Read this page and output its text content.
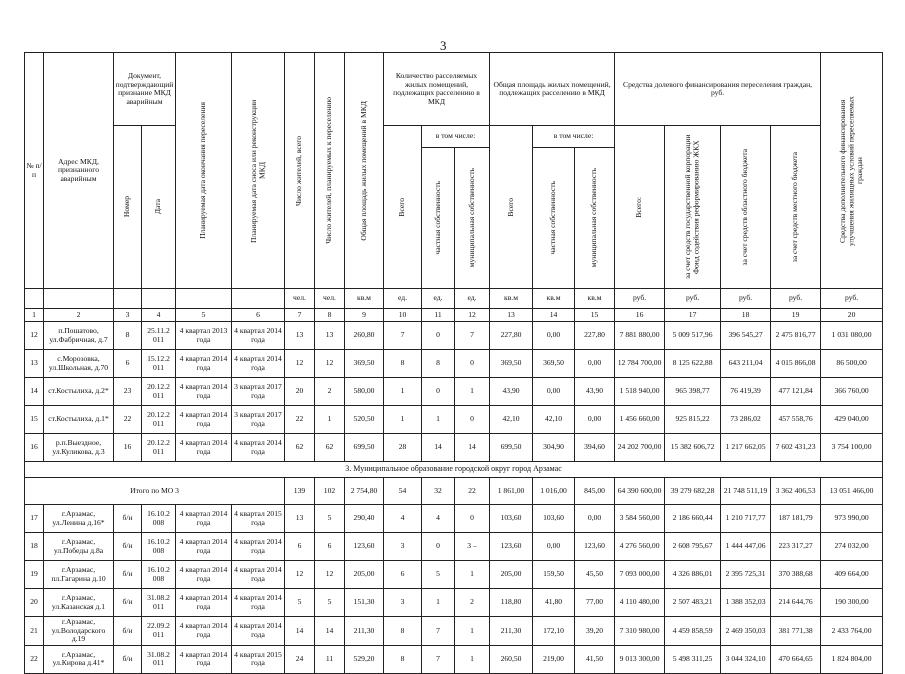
3
№ п/п	Адрес МКД, признанного аварийным	Документ, подтверждающий признание МКД аварийным		Планируемая дата окончания переселения	Планируемая дата сноса или реконструкции МКД	Число жителей, всего	Число жителей, планируемых к переселению	Общая площадь жилых помещений в МКД	Количество расселяемых жилых помещений, подлежащих расселению в МКД			Общая площадь жилых помещений, подлежащих расселению в МКД			Средства долевого финансирования переселения граждан, руб.				Средства дополнительного финансирования улучшения жилищных условий переселяемых граждан

		Номер	Дата						Всего	в том числе:		Всего	в том числе:		Всего:	за счет средств государственной корпорации Фонд содействия реформированию ЖКХ	за счет средств областного бюджета	за счет средств местного бюджета	

										частная собственность	муниципальная собственность		частная собственность	муниципальная собственность					

						чел.	чел.	кв.м	ед.	ед.	ед.	кв.м	кв.м	кв.м	руб.	руб.	руб.	руб.	руб.
1	2	3	4	5	6	7	8	9	10	11	12	13	14	15	16	17	18	19	20
12	п.Пошатово, ул.Фабричная, д.7	8	25.11.2 011	4 квартал 2013 года	4 квартал 2014 года	13	13	260,80	7	0	7	227,80	0,00	227,80	7 881 880,00	5 009 517,96	396 545,27	2 475 816,77	1 031 080,00
13	с.Морозовка, ул.Школьная, д.70	6	15.12.2 011	4 квартал 2014 года	4 квартал 2014 года	12	12	369,50	8	8	0	369,50	369,50	0,00	12 784 700,00	8 125 622,88	643 211,04	4 015 866,08	86 500,00
14	ст.Костылиха, д.2*	23	20.12.2 011	4 квартал 2014 года	3 квартал 2017 года	20	2	580,00	1	0	1	43,90	0,00	43,90	1 518 940,00	965 398,77	76 419,39	477 121,84	366 760,00
15	ст.Костылиха, д.1*	22	20.12.2 011	4 квартал 2014 года	3 квартал 2017 года	22	1	520,50	1	1	0	42,10	42,10	0,00	1 456 660,00	925 815,22	73 286,02	457 558,76	429 040,00
16	р.п.Выездное, ул.Куликова, д.3	16	20.12.2 011	4 квартал 2014 года	4 квартал 2014 года	62	62	699,50	28	14	14	699,50	304,90	394,60	24 202 700,00	15 382 606,72	1 217 662,05	7 602 431,23	3 754 100,00
3. Муниципальное образование городской округ город Арзамас																			
Итого по МО 3						139	102	2 754,80	54	32	22	1 861,00	1 016,00	845,00	64 390 600,00	39 279 682,28	21 748 511,19	3 362 406,53	13 051 466,00
17	г.Арзамас, ул.Ленина д.16*	б/н	16.10.2 008	4 квартал 2014 года	4 квартал 2015 года	13	5	290,40	4	4	0	103,60	103,60	0,00	3 584 560,00	2 186 660,44	1 210 717,77	187 181,79	973 990,00
18	г.Арзамас, ул.Победы д.8а	б/н	16.10.2 008	4 квартал 2014 года	4 квартал 2014 года	6	6	123,60	3	0	3 –	123,60	0,00	123,60	4 276 560,00	2 608 795,67	1 444 447,06	223 317,27	274 032,00
19	г.Арзамас, пл.Гагарина д.10	б/н	16.10.2 008	4 квартал 2014 года	4 квартал 2014 года	12	12	205,00	6	5	1	205,00	159,50	45,50	7 093 000,00	4 326 886,01	2 395 725,31	370 388,68	409 664,00
20	г.Арзамас, ул.Казанская д.1	б/н	31.08.2 011	4 квартал 2014 года	4 квартал 2014 года	5	5	151,30	3	1	2	118,80	41,80	77,00	4 110 480,00	2 507 483,21	1 388 352,03	214 644,76	190 300,00
21	г.Арзамас, ул.Володарского д.19	б/н	22.09.2 011	4 квартал 2014 года	4 квартал 2014 года	14	14	211,30	8	7	1	211,30	172,10	39,20	7 310 980,00	4 459 858,59	2 469 350,03	381 771,38	2 433 764,00
22	г.Арзамас, ул.Кирова д.41*	б/н	31.08.2 011	4 квартал 2014 года	4 квартал 2015 года	24	11	529,20	8	7	1	260,50	219,00	41,50	9 013 300,00	5 498 311,25	3 044 324,10	470 664,65	1 824 804,00
